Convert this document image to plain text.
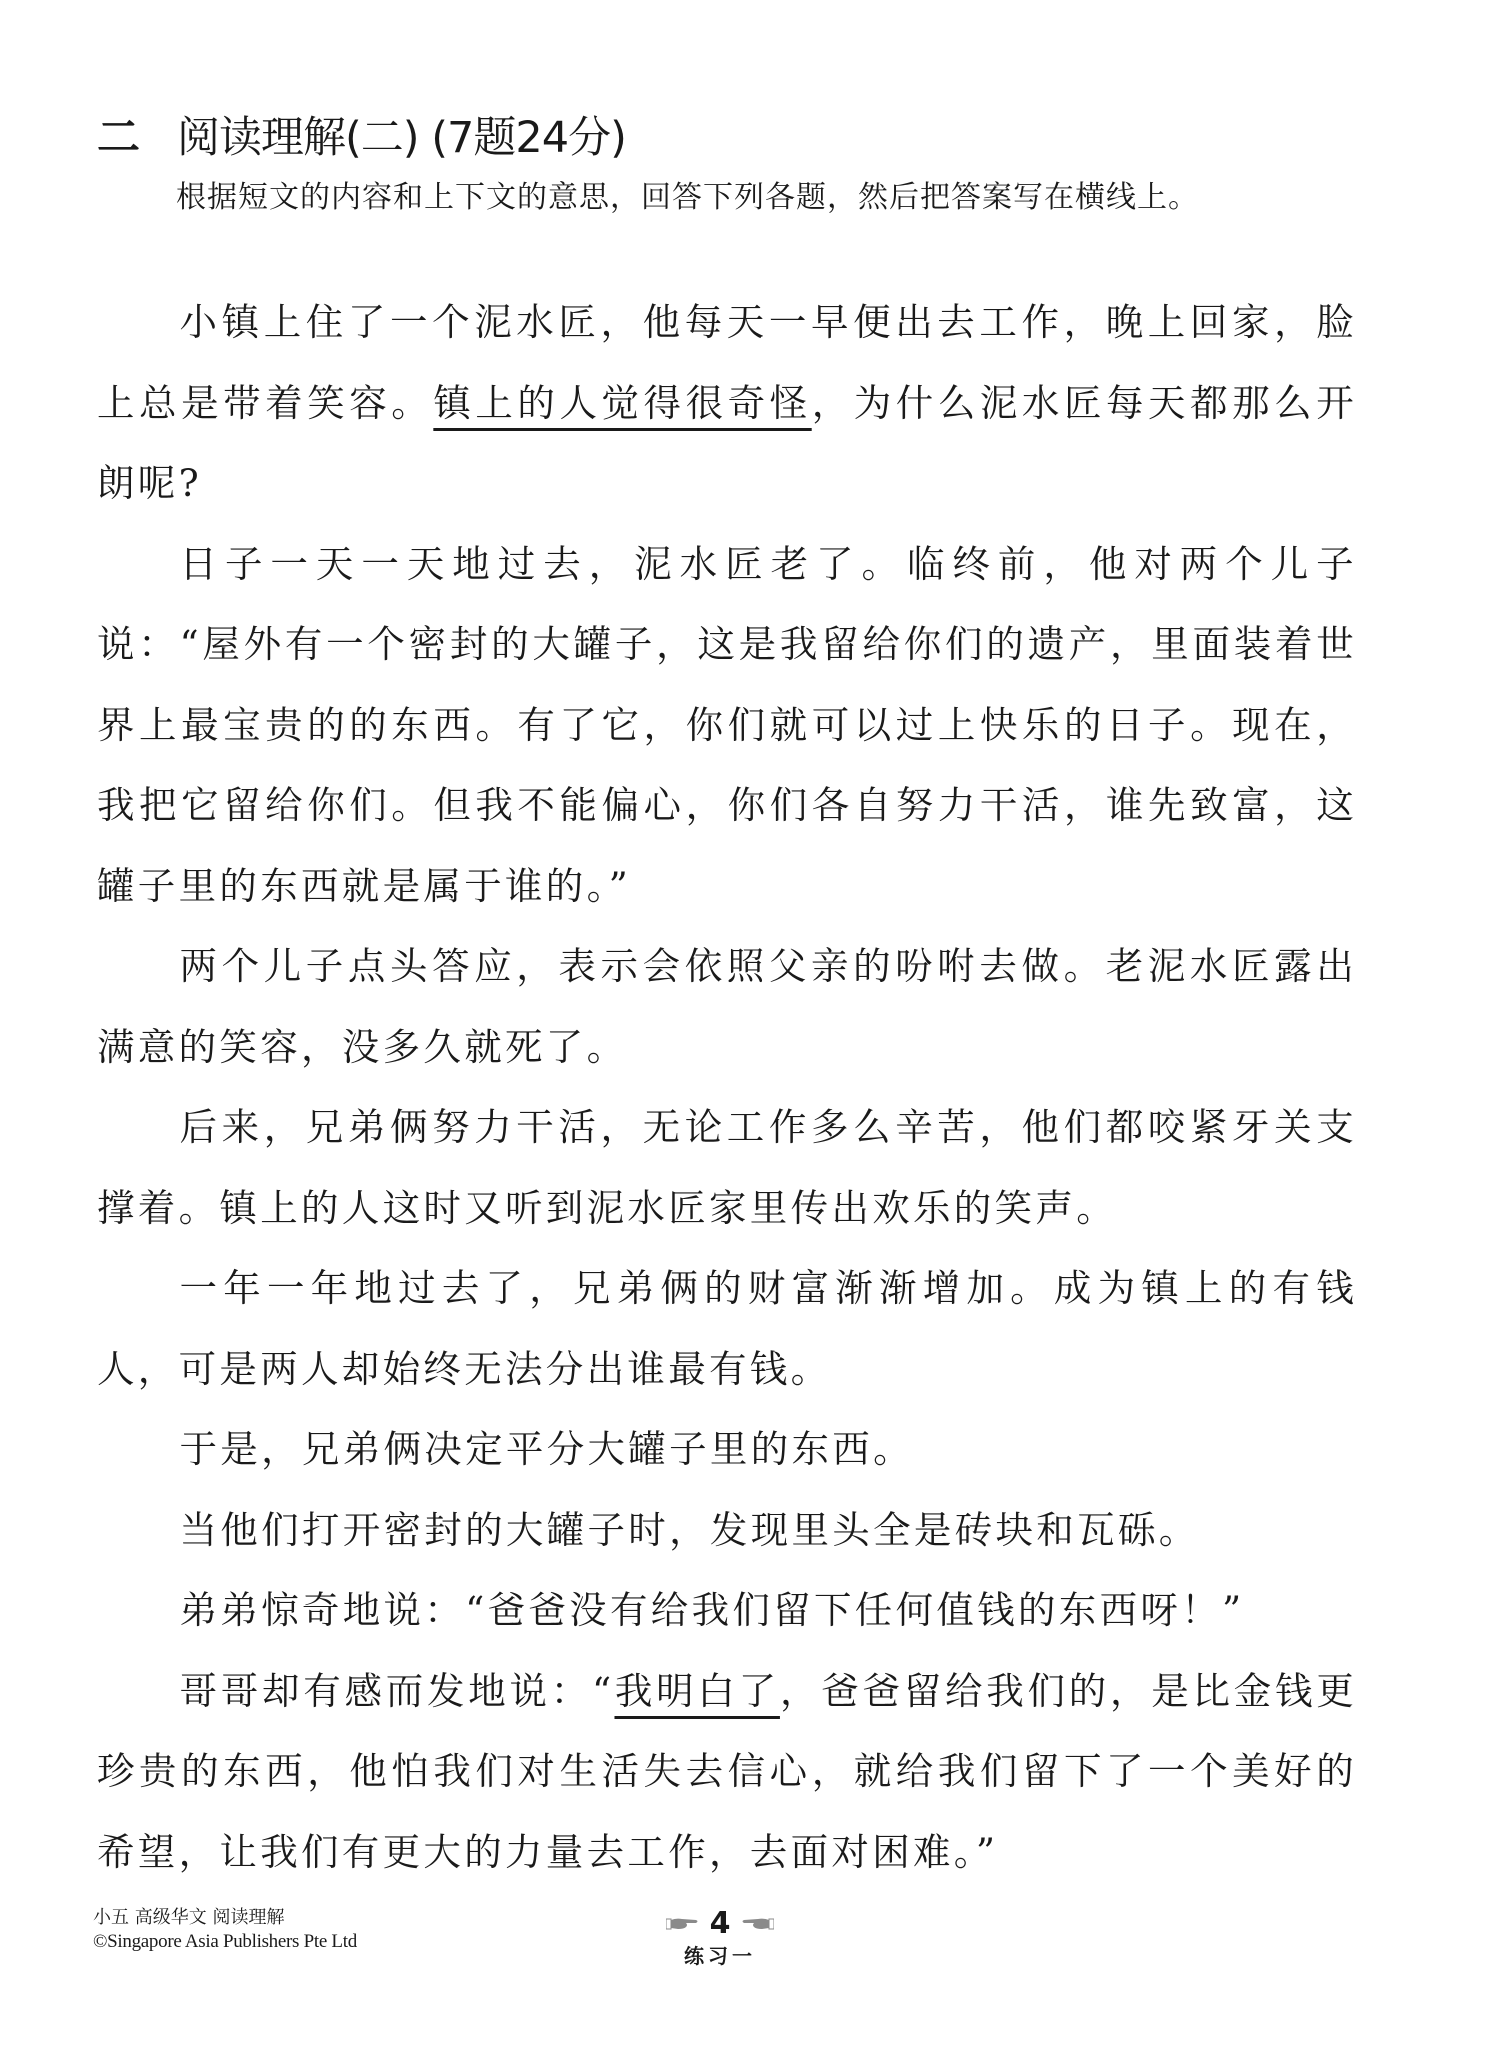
二 阅读理解(二) (7题24分)
根据短文的内容和上下文的意思，回答下列各题，然后把答案写在横线上。

小镇上住了一个泥水匠，他每天一早便出去工作，晚上回家，脸上总是带着笑容。镇上的人觉得很奇怪，为什么泥水匠每天都那么开朗呢?

日子一天一天地过去，泥水匠老了。临终前，他对两个儿子说：“屋外有一个密封的大罐子，这是我留给你们的遗产，里面装着世界上最宝贵的的东西。有了它，你们就可以过上快乐的日子。现在，我把它留给你们。但我不能偏心，你们各自努力干活，谁先致富，这罐子里的东西就是属于谁的。”

两个儿子点头答应，表示会依照父亲的吩咐去做。老泥水匠露出满意的笑容，没多久就死了。

后来，兄弟俩努力干活，无论工作多么辛苦，他们都咬紧牙关支撑着。镇上的人这时又听到泥水匠家里传出欢乐的笑声。

一年一年地过去了，兄弟俩的财富渐渐增加。成为镇上的有钱人，可是两人却始终无法分出谁最有钱。

于是，兄弟俩决定平分大罐子里的东西。

当他们打开密封的大罐子时，发现里头全是砖块和瓦砾。

弟弟惊奇地说：“爸爸没有给我们留下任何值钱的东西呀！”

哥哥却有感而发地说：“我明白了，爸爸留给我们的，是比金钱更珍贵的东西，他怕我们对生活失去信心，就给我们留下了一个美好的希望，让我们有更大的力量去工作，去面对困难。”

小五 高级华文 阅读理解
©Singapore Asia Publishers Pte Ltd
4
练习一
